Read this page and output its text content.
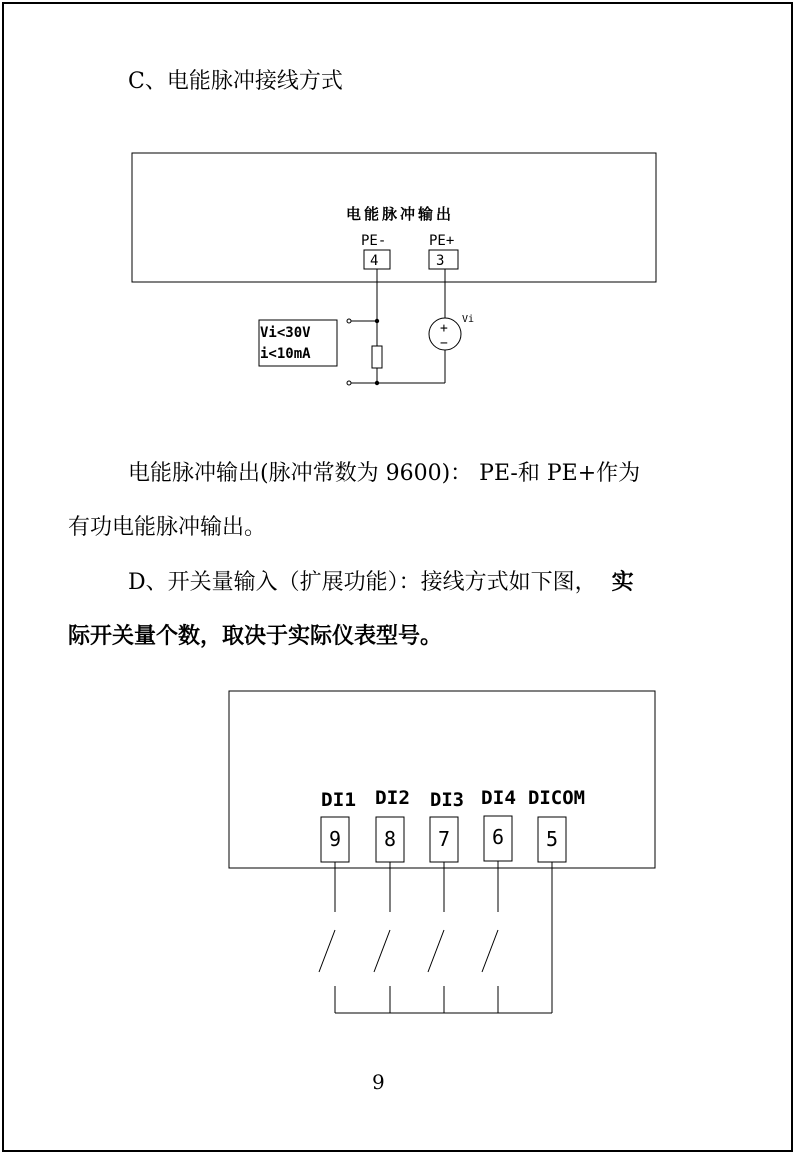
C、电能脉冲接线方式
电能脉冲输出
PE-	PE+
4	3
Vi
+
−
Vi<30V
i<10mA
电能脉冲输出(脉冲常数为 9600)： PE-和 PE+作为
有功电能脉冲输出。
D、开关量输入（扩展功能）：接线方式如下图， 实
际开关量个数，取决于实际仪表型号。
DI1 DI2 DI3 DI4 DICOM
9 8 7 6 5
9
